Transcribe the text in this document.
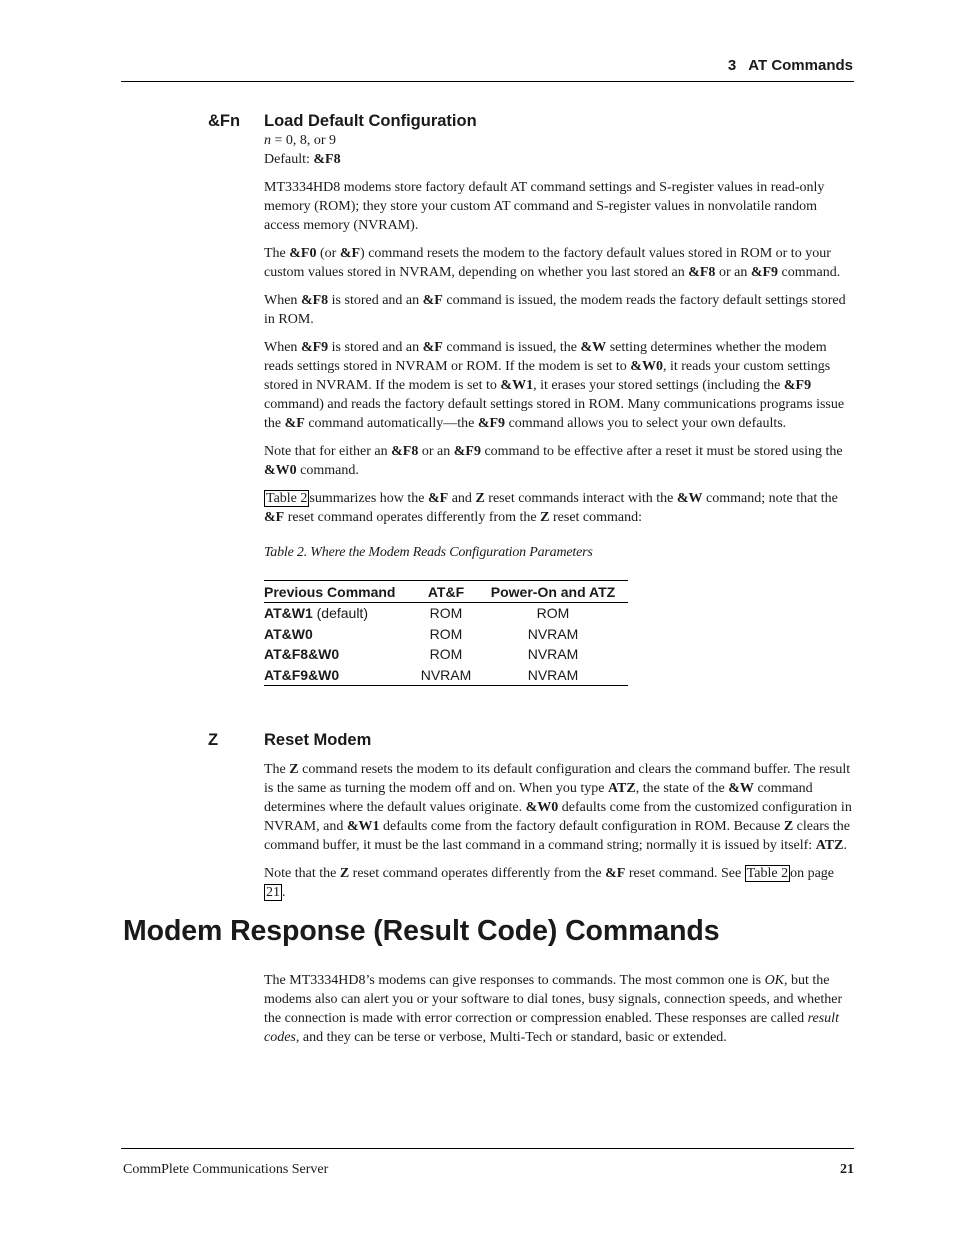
3 AT Commands
&Fn Load Default Configuration

n = 0, 8, or 9

Default: &F8

MT3334HD8 modems store factory default AT command settings and S-register values in read-only memory (ROM); they store your custom AT command and S-register values in nonvolatile random access memory (NVRAM).

The &F0 (or &F) command resets the modem to the factory default values stored in ROM or to your custom values stored in NVRAM, depending on whether you last stored an &F8 or an &F9 command.

When &F8 is stored and an &F command is issued, the modem reads the factory default settings stored in ROM.

When &F9 is stored and an &F command is issued, the &W setting determines whether the modem reads settings stored in NVRAM or ROM. If the modem is set to &W0, it reads your custom settings stored in NVRAM. If the modem is set to &W1, it erases your stored settings (including the &F9 command) and reads the factory default settings stored in ROM. Many communications programs issue the &F command automatically—the &F9 command allows you to select your own defaults.

Note that for either an &F8 or an &F9 command to be effective after a reset it must be stored using the &W0 command.

Table 2 summarizes how the &F and Z reset commands interact with the &W command; note that the &F reset command operates differently from the Z reset command:

Table 2. Where the Modem Reads Configuration Parameters
Previous Command	AT&F	Power-On and ATZ
AT&W1 (default)	ROM	ROM
AT&W0	ROM	NVRAM
AT&F8&W0	ROM	NVRAM
AT&F9&W0	NVRAM	NVRAM
Z	Reset Modem

The Z command resets the modem to its default configuration and clears the command buffer. The result is the same as turning the modem off and on. When you type ATZ, the state of the &W command determines where the default values originate. &W0 defaults come from the customized configuration in NVRAM, and &W1 defaults come from the factory default configuration in ROM. Because Z clears the command buffer, it must be the last command in a command string; normally it is issued by itself: ATZ.

Note that the Z reset command operates differently from the &F reset command. See Table 2 on page 21 .

Modem Response (Result Code) Commands

The MT3334HD8’s modems can give responses to commands. The most common one is OK, but the modems also can alert you or your software to dial tones, busy signals, connection speeds, and whether the connection is made with error correction or compression enabled. These responses are called result codes, and they can be terse or verbose, Multi-Tech or standard, basic or extended.

CommPlete Communications Server	21
